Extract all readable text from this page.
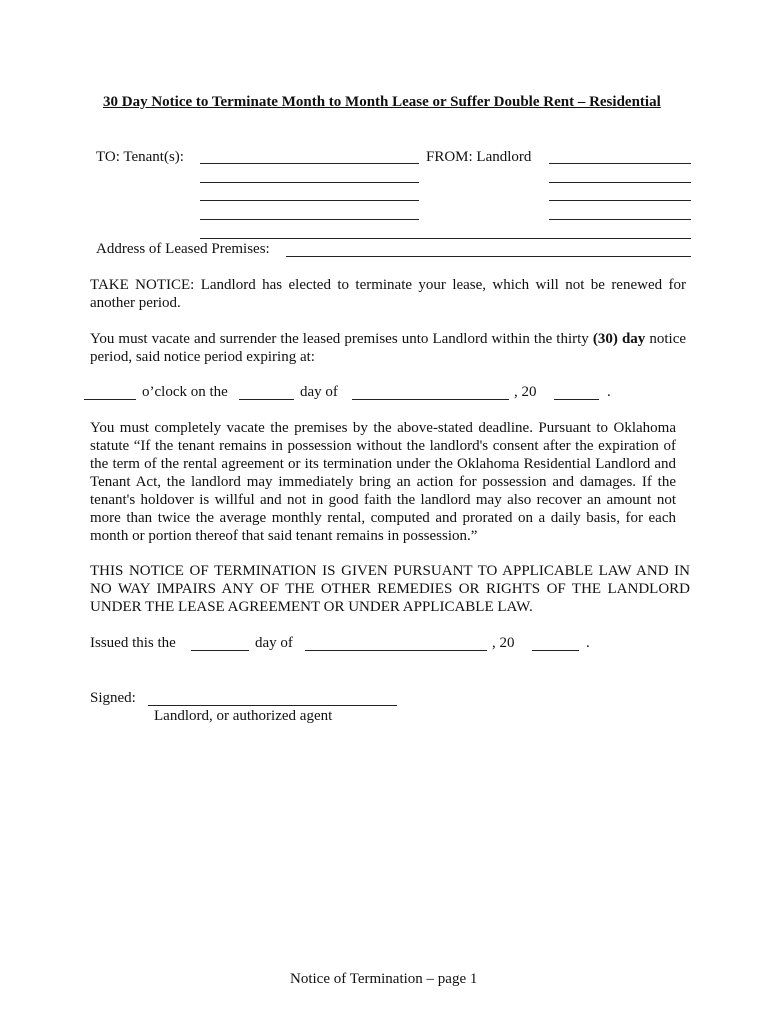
30 Day Notice to Terminate Month to Month Lease or Suffer Double Rent – Residential
TO: Tenant(s):	FROM: Landlord
Address of Leased Premises:
TAKE NOTICE: Landlord has elected to terminate your lease, which will not be renewed for another period.
You must vacate and surrender the leased premises unto Landlord within the thirty (30) day notice period, said notice period expiring at:
o’clock on the	day of	, 20	.
You must completely vacate the premises by the above-stated deadline. Pursuant to Oklahoma statute “If the tenant remains in possession without the landlord's consent after the expiration of the term of the rental agreement or its termination under the Oklahoma Residential Landlord and Tenant Act, the landlord may immediately bring an action for possession and damages. If the tenant's holdover is willful and not in good faith the landlord may also recover an amount not more than twice the average monthly rental, computed and prorated on a daily basis, for each month or portion thereof that said tenant remains in possession.”
THIS NOTICE OF TERMINATION IS GIVEN PURSUANT TO APPLICABLE LAW AND IN NO WAY IMPAIRS ANY OF THE OTHER REMEDIES OR RIGHTS OF THE LANDLORD UNDER THE LEASE AGREEMENT OR UNDER APPLICABLE LAW.
Issued this the	day of	, 20	.
Signed:
Landlord, or authorized agent
Notice of Termination – page 1
